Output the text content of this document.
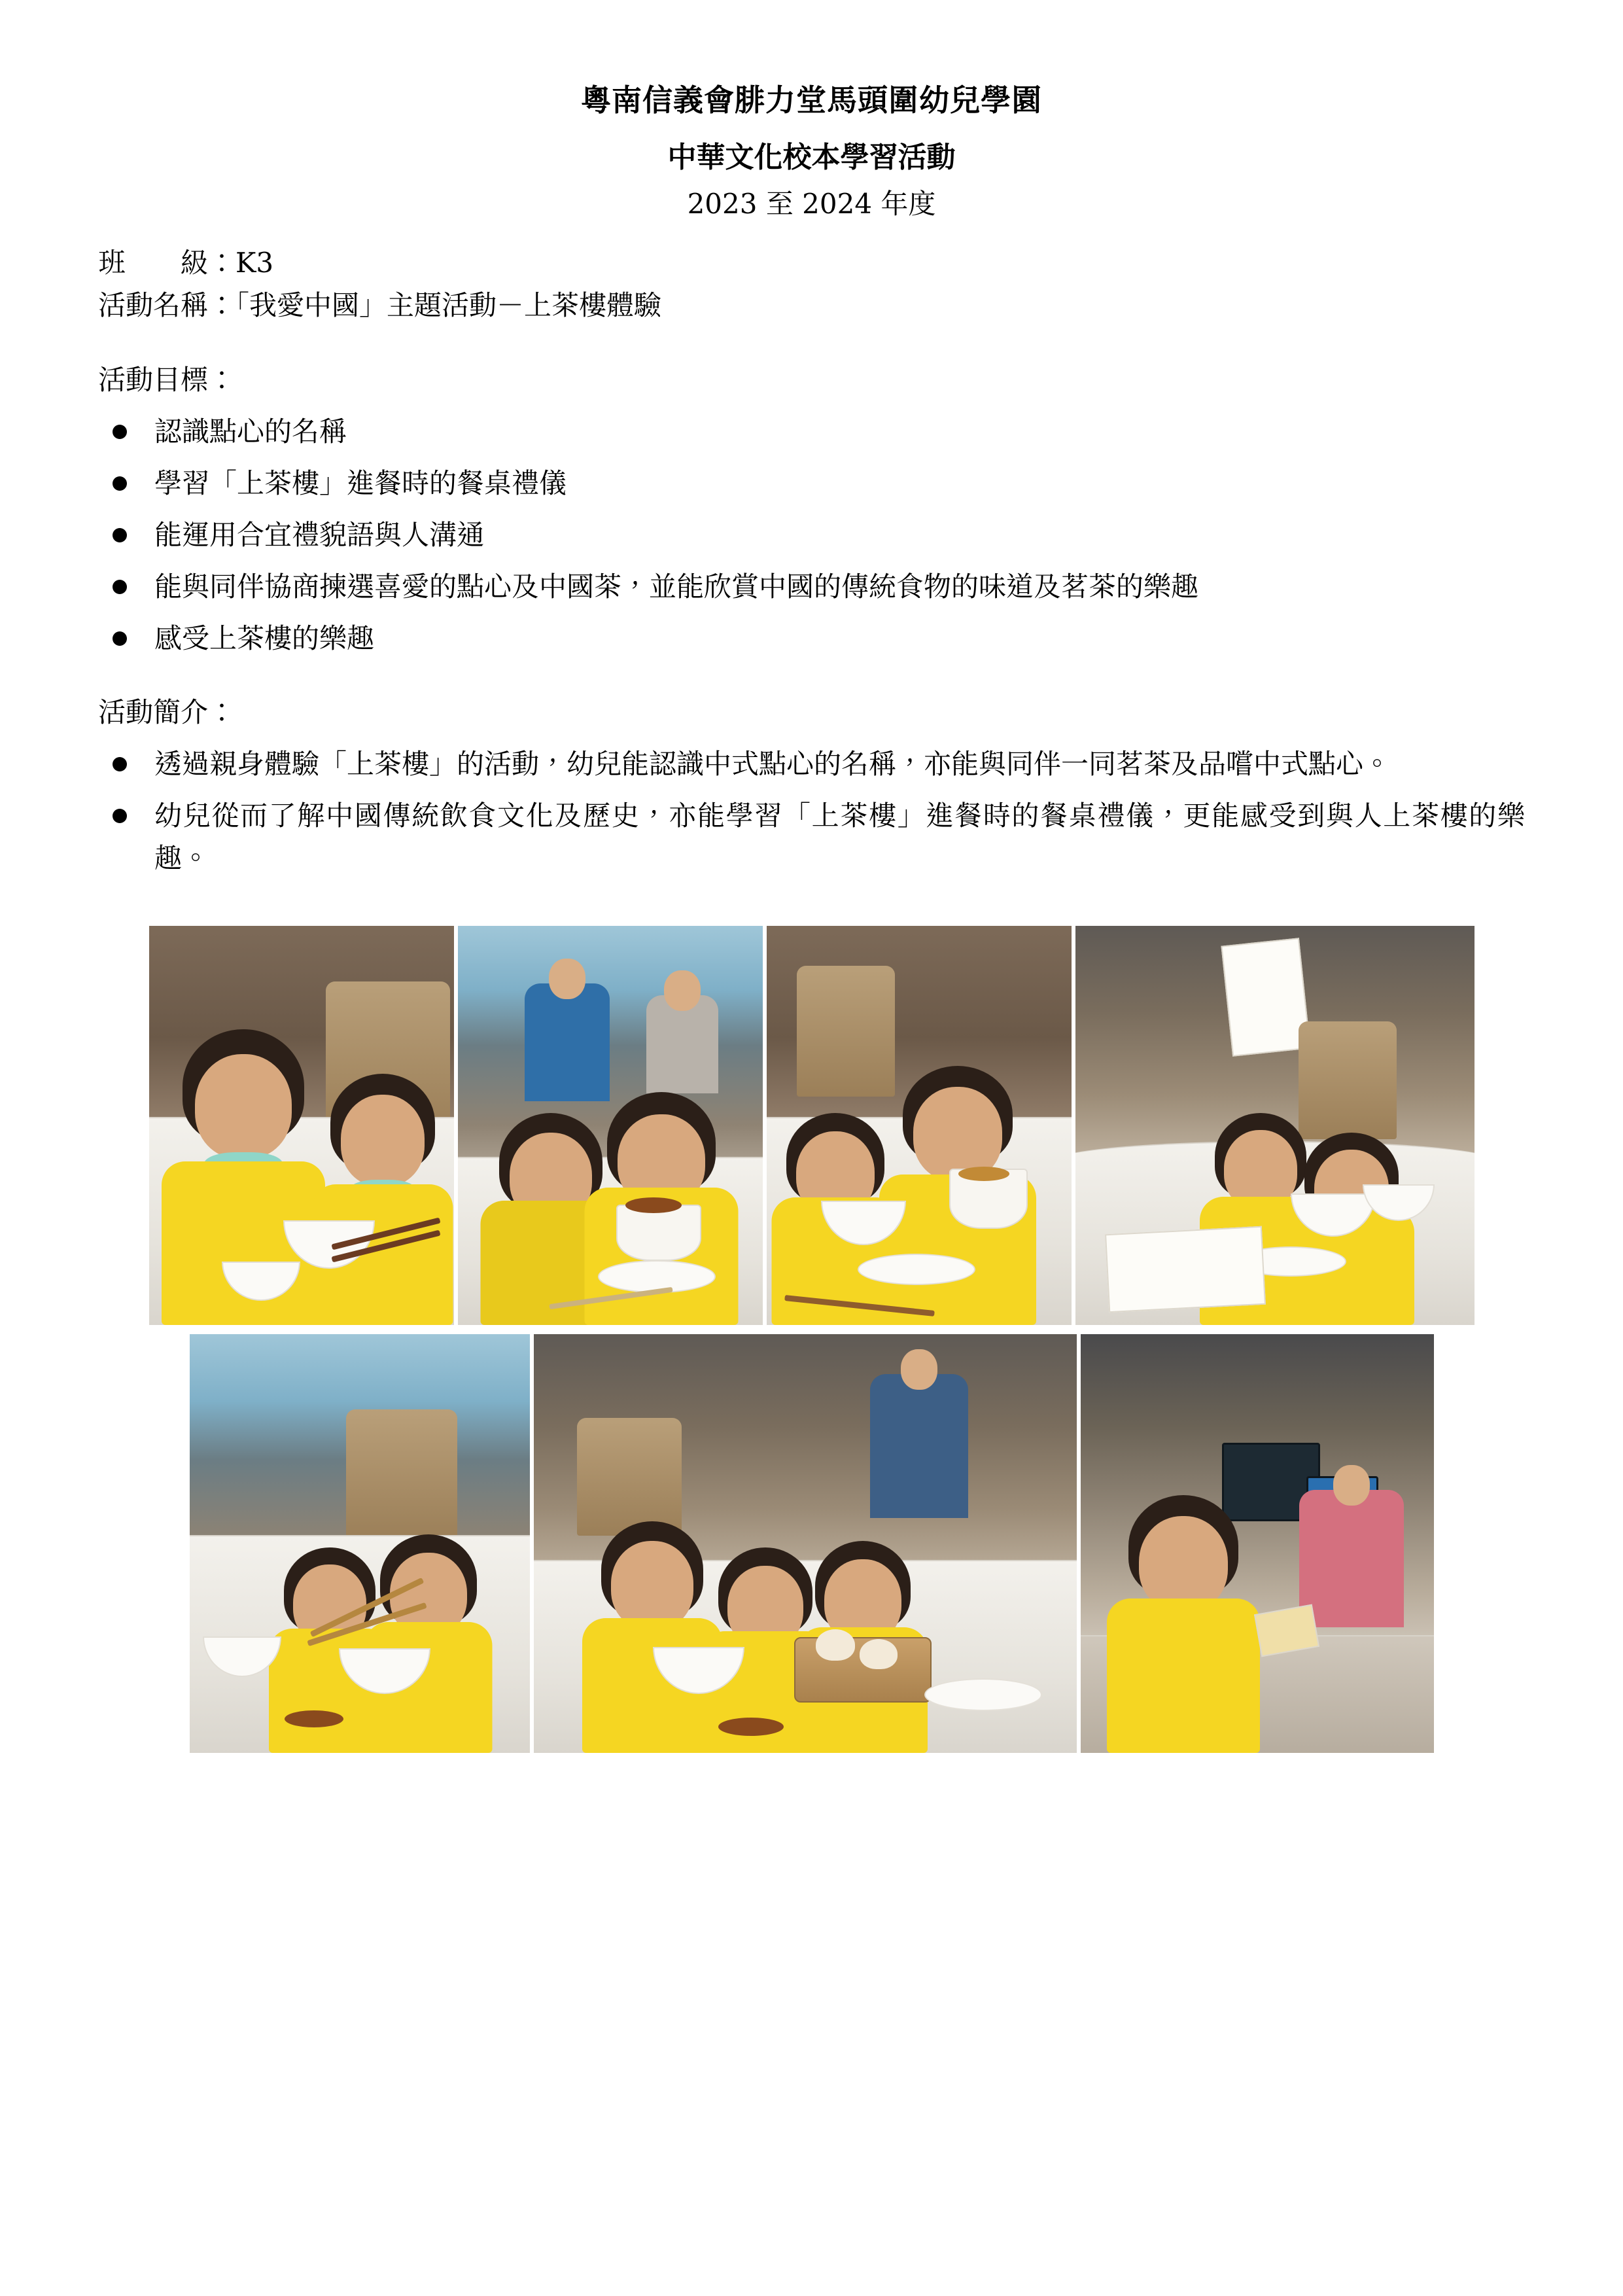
粵南信義會腓力堂馬頭圍幼兒學園
中華文化校本學習活動
2023 至 2024 年度
班　　級：K3
活動名稱：「我愛中國」主題活動－上茶樓體驗
活動目標：
認識點心的名稱
學習「上茶樓」進餐時的餐桌禮儀
能運用合宜禮貌語與人溝通
能與同伴協商揀選喜愛的點心及中國茶，並能欣賞中國的傳統食物的味道及茗茶的樂趣
感受上茶樓的樂趣
活動簡介：
透過親身體驗「上茶樓」的活動，幼兒能認識中式點心的名稱，亦能與同伴一同茗茶及品嚐中式點心。
幼兒從而了解中國傳統飲食文化及歷史，亦能學習「上茶樓」進餐時的餐桌禮儀，更能感受到與人上茶樓的樂趣。
